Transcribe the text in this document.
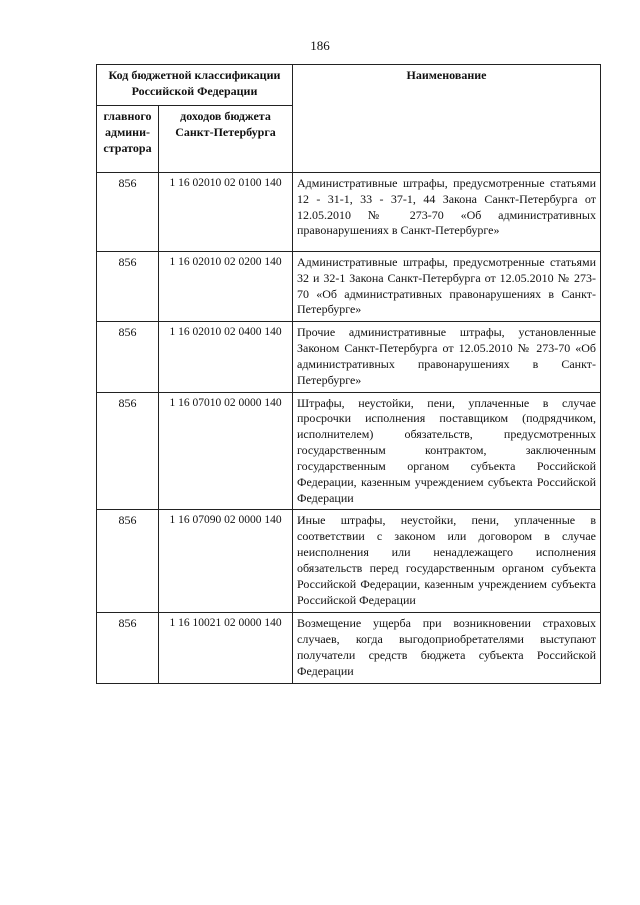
186
Код бюджетной классификации Российской Федерации		Наименование
главного админи-стратора	доходов бюджета Санкт-Петербурга	
856	1 16 02010 02 0100 140	Административные штрафы, предусмотренные статьями 12 - 31-1, 33 - 37-1, 44 Закона Санкт-Петербурга от 12.05.2010 № 273-70 «Об административных правонарушениях в Санкт-Петербурге»
856	1 16 02010 02 0200 140	Административные штрафы, предусмотренные статьями 32 и 32-1 Закона Санкт-Петербурга от 12.05.2010 № 273-70 «Об административных правонарушениях в Санкт-Петербурге»
856	1 16 02010 02 0400 140	Прочие административные штрафы, установленные Законом Санкт-Петербурга от 12.05.2010 № 273-70 «Об административных правонарушениях в Санкт-Петербурге»
856	1 16 07010 02 0000 140	Штрафы, неустойки, пени, уплаченные в случае просрочки исполнения поставщиком (подрядчиком, исполнителем) обязательств, предусмотренных государственным контрактом, заключенным государственным органом субъекта Российской Федерации, казенным учреждением субъекта Российской Федерации
856	1 16 07090 02 0000 140	Иные штрафы, неустойки, пени, уплаченные в соответствии с законом или договором в случае неисполнения или ненадлежащего исполнения обязательств перед государственным органом субъекта Российской Федерации, казенным учреждением субъекта Российской Федерации
856	1 16 10021 02 0000 140	Возмещение ущерба при возникновении страховых случаев, когда выгодоприобретателями выступают получатели средств бюджета субъекта Российской Федерации
